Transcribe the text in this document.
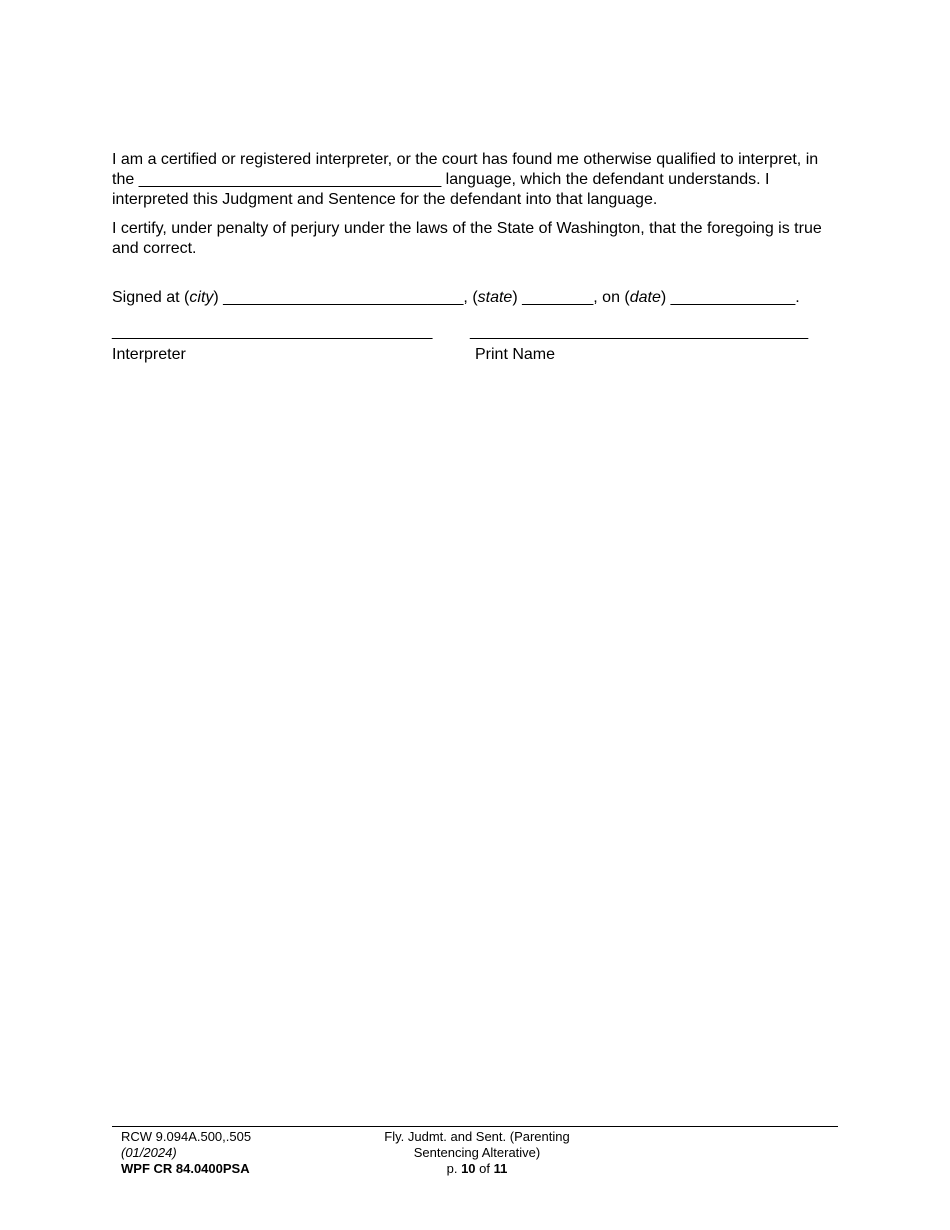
I am a certified or registered interpreter, or the court has found me otherwise qualified to interpret, in the __________________________________ language, which the defendant understands. I interpreted this Judgment and Sentence for the defendant into that language.

I certify, under penalty of perjury under the laws of the State of Washington, that the foregoing is true and correct.

Signed at (city) ___________________________, (state) ________, on (date) ______________.
____________________________________ ______________________________________
Interpreter	Print Name
RCW 9.094A.500,.505
(01/2024)
WPF CR 84.0400PSA
Fly. Judmt. and Sent. (Parenting
Sentencing Alterative)
p. 10 of 11
